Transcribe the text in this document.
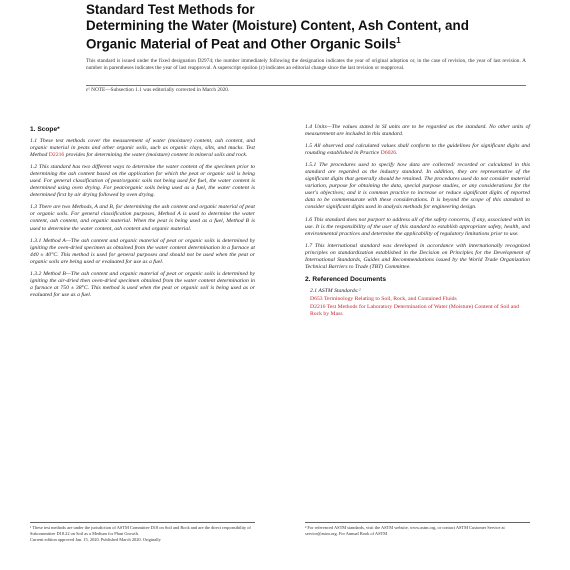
Standard Test Methods for
Determining the Water (Moisture) Content, Ash Content, and
Organic Material of Peat and Other Organic Soils$^1$
This standard is issued under the fixed designation D2974; the number immediately following the designation indicates the year of original adoption or, in the case of revision, the year of last revision. A number in parentheses indicates the year of last reapproval. A superscript epsilon (ε) indicates an editorial change since the last revision or reapproval.
ε¹ NOTE—Subsection 1.1 was editorially corrected in March 2020.
1. Scope*

1.1 These test methods cover the measurement of water (moisture) content, ash content, and organic material in peats and other organic soils, such as organic clays, silts, and mucks. Test Method D2216 provides for determining the water (moisture) content in mineral soils and rock.

1.2 This standard has two different ways to determine the water content of the specimen prior to determining the ash content based on the application for which the peat or organic soil is being used. For general classification of peat/organic soils not being used for fuel, the water content is determined using oven drying. For peat/organic soils being used as a fuel, the water content is determined first by air drying followed by oven drying.

1.3 There are two Methods, A and B, for determining the ash content and organic material of peat or organic soils. For general classification purposes, Method A is used to determine the water content, ash content, and organic material. When the peat is being used as a fuel, Method B is used to determine the water content, ash content and organic material.

1.3.1 Method A—The ash content and organic material of peat or organic soils is determined by igniting the oven-dried specimen as obtained from the water content determination in a furnace at 440 ± 40°C. This method is used for general purposes and should not be used when the peat or organic soils are being used or evaluated for use as a fuel.

1.3.2 Method B—The ash content and organic material of peat or organic soils is determined by igniting the air-dried then oven-dried specimen obtained from the water content determination in a furnace at 750 ± 38°C. This method is used when the peat or organic soil is being used as or evaluated for use as a fuel.

1.4 Units—The values stated in SI units are to be regarded as the standard. No other units of measurement are included in this standard.

1.5 All observed and calculated values shall conform to the guidelines for significant digits and rounding established in Practice D6026.

1.5.1 The procedures used to specify how data are collected/ recorded or calculated in this standard are regarded as the industry standard. In addition, they are representative of the significant digits that generally should be retained. The procedures used do not consider material variation, purpose for obtaining the data, special purpose studies, or any considerations for the user's objectives; and it is common practice to increase or reduce significant digits of reported data to be commensurate with these considerations. It is beyond the scope of this standard to consider significant digits used in analysis methods for engineering design.

1.6 This standard does not purport to address all of the safety concerns, if any, associated with its use. It is the responsibility of the user of this standard to establish appropriate safety, health, and environmental practices and determine the applicability of regulatory limitations prior to use.

1.7 This international standard was developed in accordance with internationally recognized principles on standardization established in the Decision on Principles for the Development of International Standards, Guides and Recommendations issued by the World Trade Organization Technical Barriers to Trade (TBT) Committee.

2. Referenced Documents
2.1 ASTM Standards:²
D653 Terminology Relating to Soil, Rock, and Contained Fluids
D2216 Test Methods for Laboratory Determination of Water (Moisture) Content of Soil and Rock by Mass

¹ These test methods are under the jurisdiction of ASTM Committee D18 on Soil and Rock and are the direct responsibility of Subcommittee D18.22 on Soil as a Medium for Plant Growth.

Current edition approved Jan. 15, 2020. Published March 2020. Originally

² For referenced ASTM standards, visit the ASTM website, www.astm.org, or contact ASTM Customer Service at service@astm.org. For Annual Book of ASTM
